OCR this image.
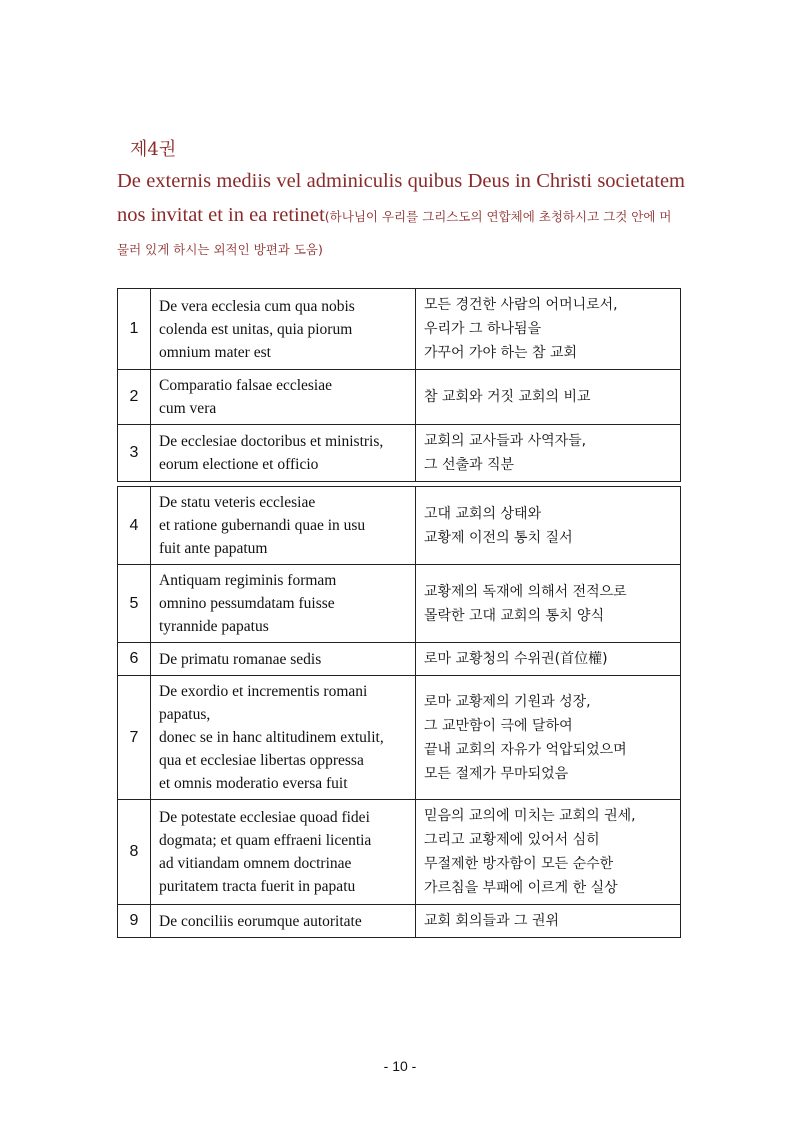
제4권
De externis mediis vel adminiculis quibus Deus in Christi societatem
nos invitat et in ea retinet(하나님이 우리를 그리스도의 연합체에 초청하시고 그것 안에 머
물러 있게 하시는 외적인 방편과 도움)
1	De vera ecclesia cum qua nobis
colenda est unitas, quia piorum
omnium mater est	모든 경건한 사람의 어머니로서,
우리가 그 하나됨을
가꾸어 가야 하는 참 교회

2	Comparatio falsae ecclesiae
cum vera	참 교회와 거짓 교회의 비교

3	De ecclesiae doctoribus et ministris,
eorum electione et officio	교회의 교사들과 사역자들,
그 선출과 직분
4	De statu veteris ecclesiae
et ratione gubernandi quae in usu
fuit ante papatum	고대 교회의 상태와
교황제 이전의 통치 질서

5	Antiquam regiminis formam
omnino pessumdatam fuisse
tyrannide papatus	교황제의 독재에 의해서 전적으로
몰락한 고대 교회의 통치 양식

6	De primatu romanae sedis	로마 교황청의 수위권(首位權)

7	De exordio et incrementis romani
papatus,
donec se in hanc altitudinem extulit,
qua et ecclesiae libertas oppressa
et omnis moderatio eversa fuit	로마 교황제의 기원과 성장,
그 교만함이 극에 달하여
끝내 교회의 자유가 억압되었으며
모든 절제가 무마되었음

8	De potestate ecclesiae quoad fidei
dogmata; et quam effraeni licentia
ad vitiandam omnem doctrinae
puritatem tracta fuerit in papatu	믿음의 교의에 미치는 교회의 권세,
그리고 교황제에 있어서 심히
무절제한 방자함이 모든 순수한
가르침을 부패에 이르게 한 실상

9	De conciliis eorumque autoritate	교회 회의들과 그 권위
- 10 -
